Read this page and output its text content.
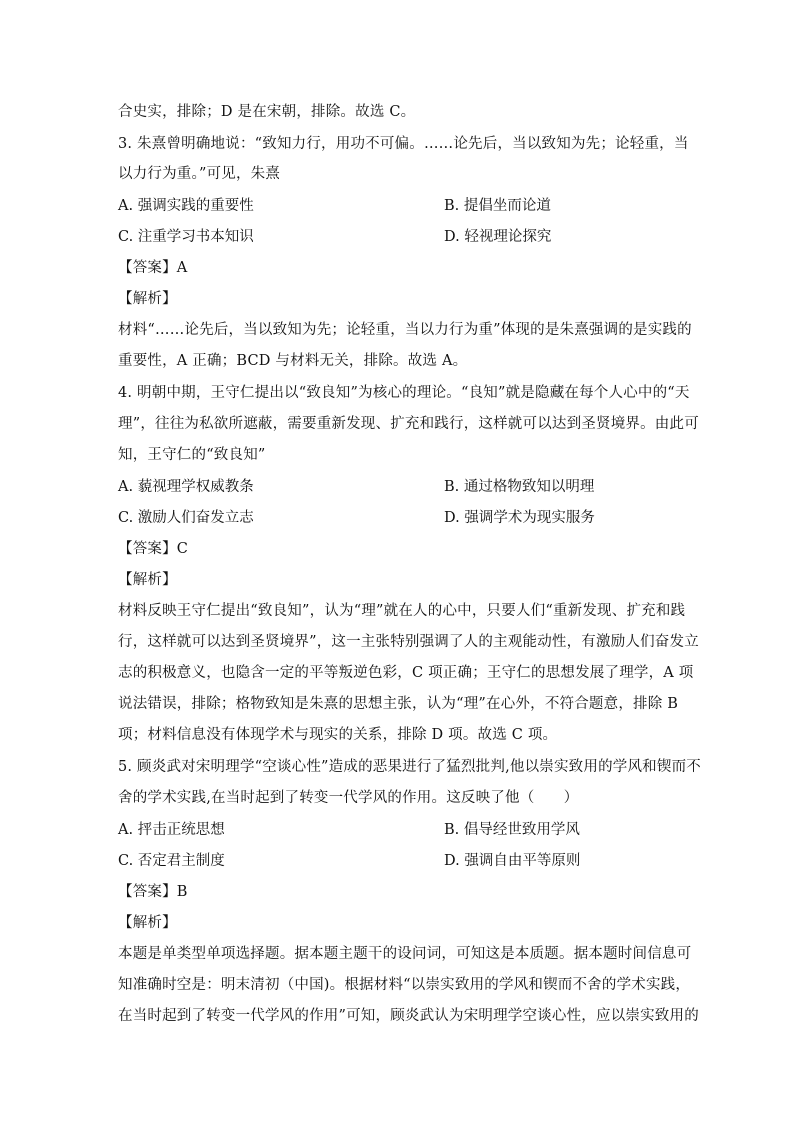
合史实，排除；D 是在宋朝，排除。故选 C。
3. 朱熹曾明确地说：“致知力行，用功不可偏。……论先后，当以致知为先；论轻重，当
以力行为重。”可见，朱熹
A. 强调实践的重要性	B. 提倡坐而论道
C. 注重学习书本知识	D. 轻视理论探究
【答案】A
【解析】
材料“……论先后，当以致知为先；论轻重，当以力行为重”体现的是朱熹强调的是实践的
重要性，A 正确；BCD 与材料无关，排除。故选 A。
4. 明朝中期，王守仁提出以“致良知”为核心的理论。“良知”就是隐藏在每个人心中的“天
理”，往往为私欲所遮蔽，需要重新发现、扩充和践行，这样就可以达到圣贤境界。由此可
知，王守仁的“致良知”
A. 藐视理学权威教条	B. 通过格物致知以明理
C. 激励人们奋发立志	D. 强调学术为现实服务
【答案】C
【解析】
材料反映王守仁提出“致良知”，认为“理”就在人的心中，只要人们“重新发现、扩充和践
行，这样就可以达到圣贤境界”，这一主张特别强调了人的主观能动性，有激励人们奋发立
志的积极意义，也隐含一定的平等叛逆色彩，C 项正确；王守仁的思想发展了理学，A 项
说法错误，排除；格物致知是朱熹的思想主张，认为“理”在心外，不符合题意，排除 B
项；材料信息没有体现学术与现实的关系，排除 D 项。故选 C 项。
5. 顾炎武对宋明理学“空谈心性”造成的恶果进行了猛烈批判,他以崇实致用的学风和锲而不
舍的学术实践,在当时起到了转变一代学风的作用。这反映了他（　　）
A. 抨击正统思想	B. 倡导经世致用学风
C. 否定君主制度	D. 强调自由平等原则
【答案】B
【解析】
本题是单类型单项选择题。据本题主题干的设问词，可知这是本质题。据本题时间信息可
知准确时空是：明末清初（中国)。根据材料“以崇实致用的学风和锲而不舍的学术实践，
在当时起到了转变一代学风的作用”可知，顾炎武认为宋明理学空谈心性，应以崇实致用的
